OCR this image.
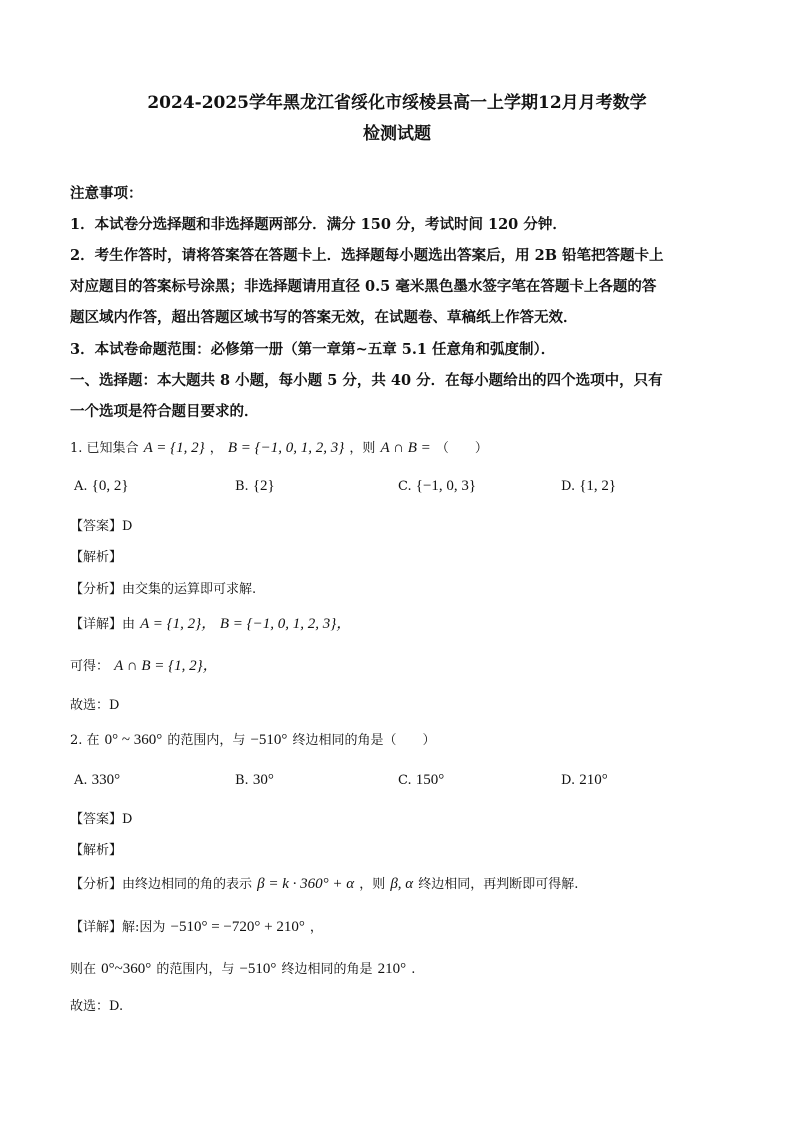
2024-2025学年黑龙江省绥化市绥棱县高一上学期12月月考数学
检测试题
注意事项：
1．本试卷分选择题和非选择题两部分．满分 150 分，考试时间 120 分钟．
2．考生作答时，请将答案答在答题卡上．选择题每小题选出答案后，用 2B 铅笔把答题卡上
对应题目的答案标号涂黑；非选择题请用直径 0.5 毫米黑色墨水签字笔在答题卡上各题的答
题区域内作答，超出答题区域书写的答案无效，在试题卷、草稿纸上作答无效．
3．本试卷命题范围：必修第一册（第一章第~五章 5.1 任意角和弧度制）．
一、选择题：本大题共 8 小题，每小题 5 分，共 40 分．在每小题给出的四个选项中，只有
一个选项是符合题目要求的．
1. 已知集合 A = {1, 2} ， B = {−1, 0, 1, 2, 3} ，则 A ∩ B = （　　）
A. {0, 2}	B. {2}	C. {−1, 0, 3}	D. {1, 2}
【答案】D
【解析】
【分析】由交集的运算即可求解.
【详解】由 A = {1, 2}， B = {−1, 0, 1, 2, 3}，
可得： A ∩ B = {1, 2}，
故选：D
2. 在 0° ~ 360° 的范围内，与 −510° 终边相同的角是（　　）
A. 330°	B. 30°	C. 150°	D. 210°
【答案】D
【解析】
【分析】由终边相同的角的表示 β = k · 360° + α ，则 β, α 终边相同，再判断即可得解.
【详解】解:因为 −510° = −720° + 210° ，
则在 0°~360° 的范围内，与 −510° 终边相同的角是 210° .
故选：D.
